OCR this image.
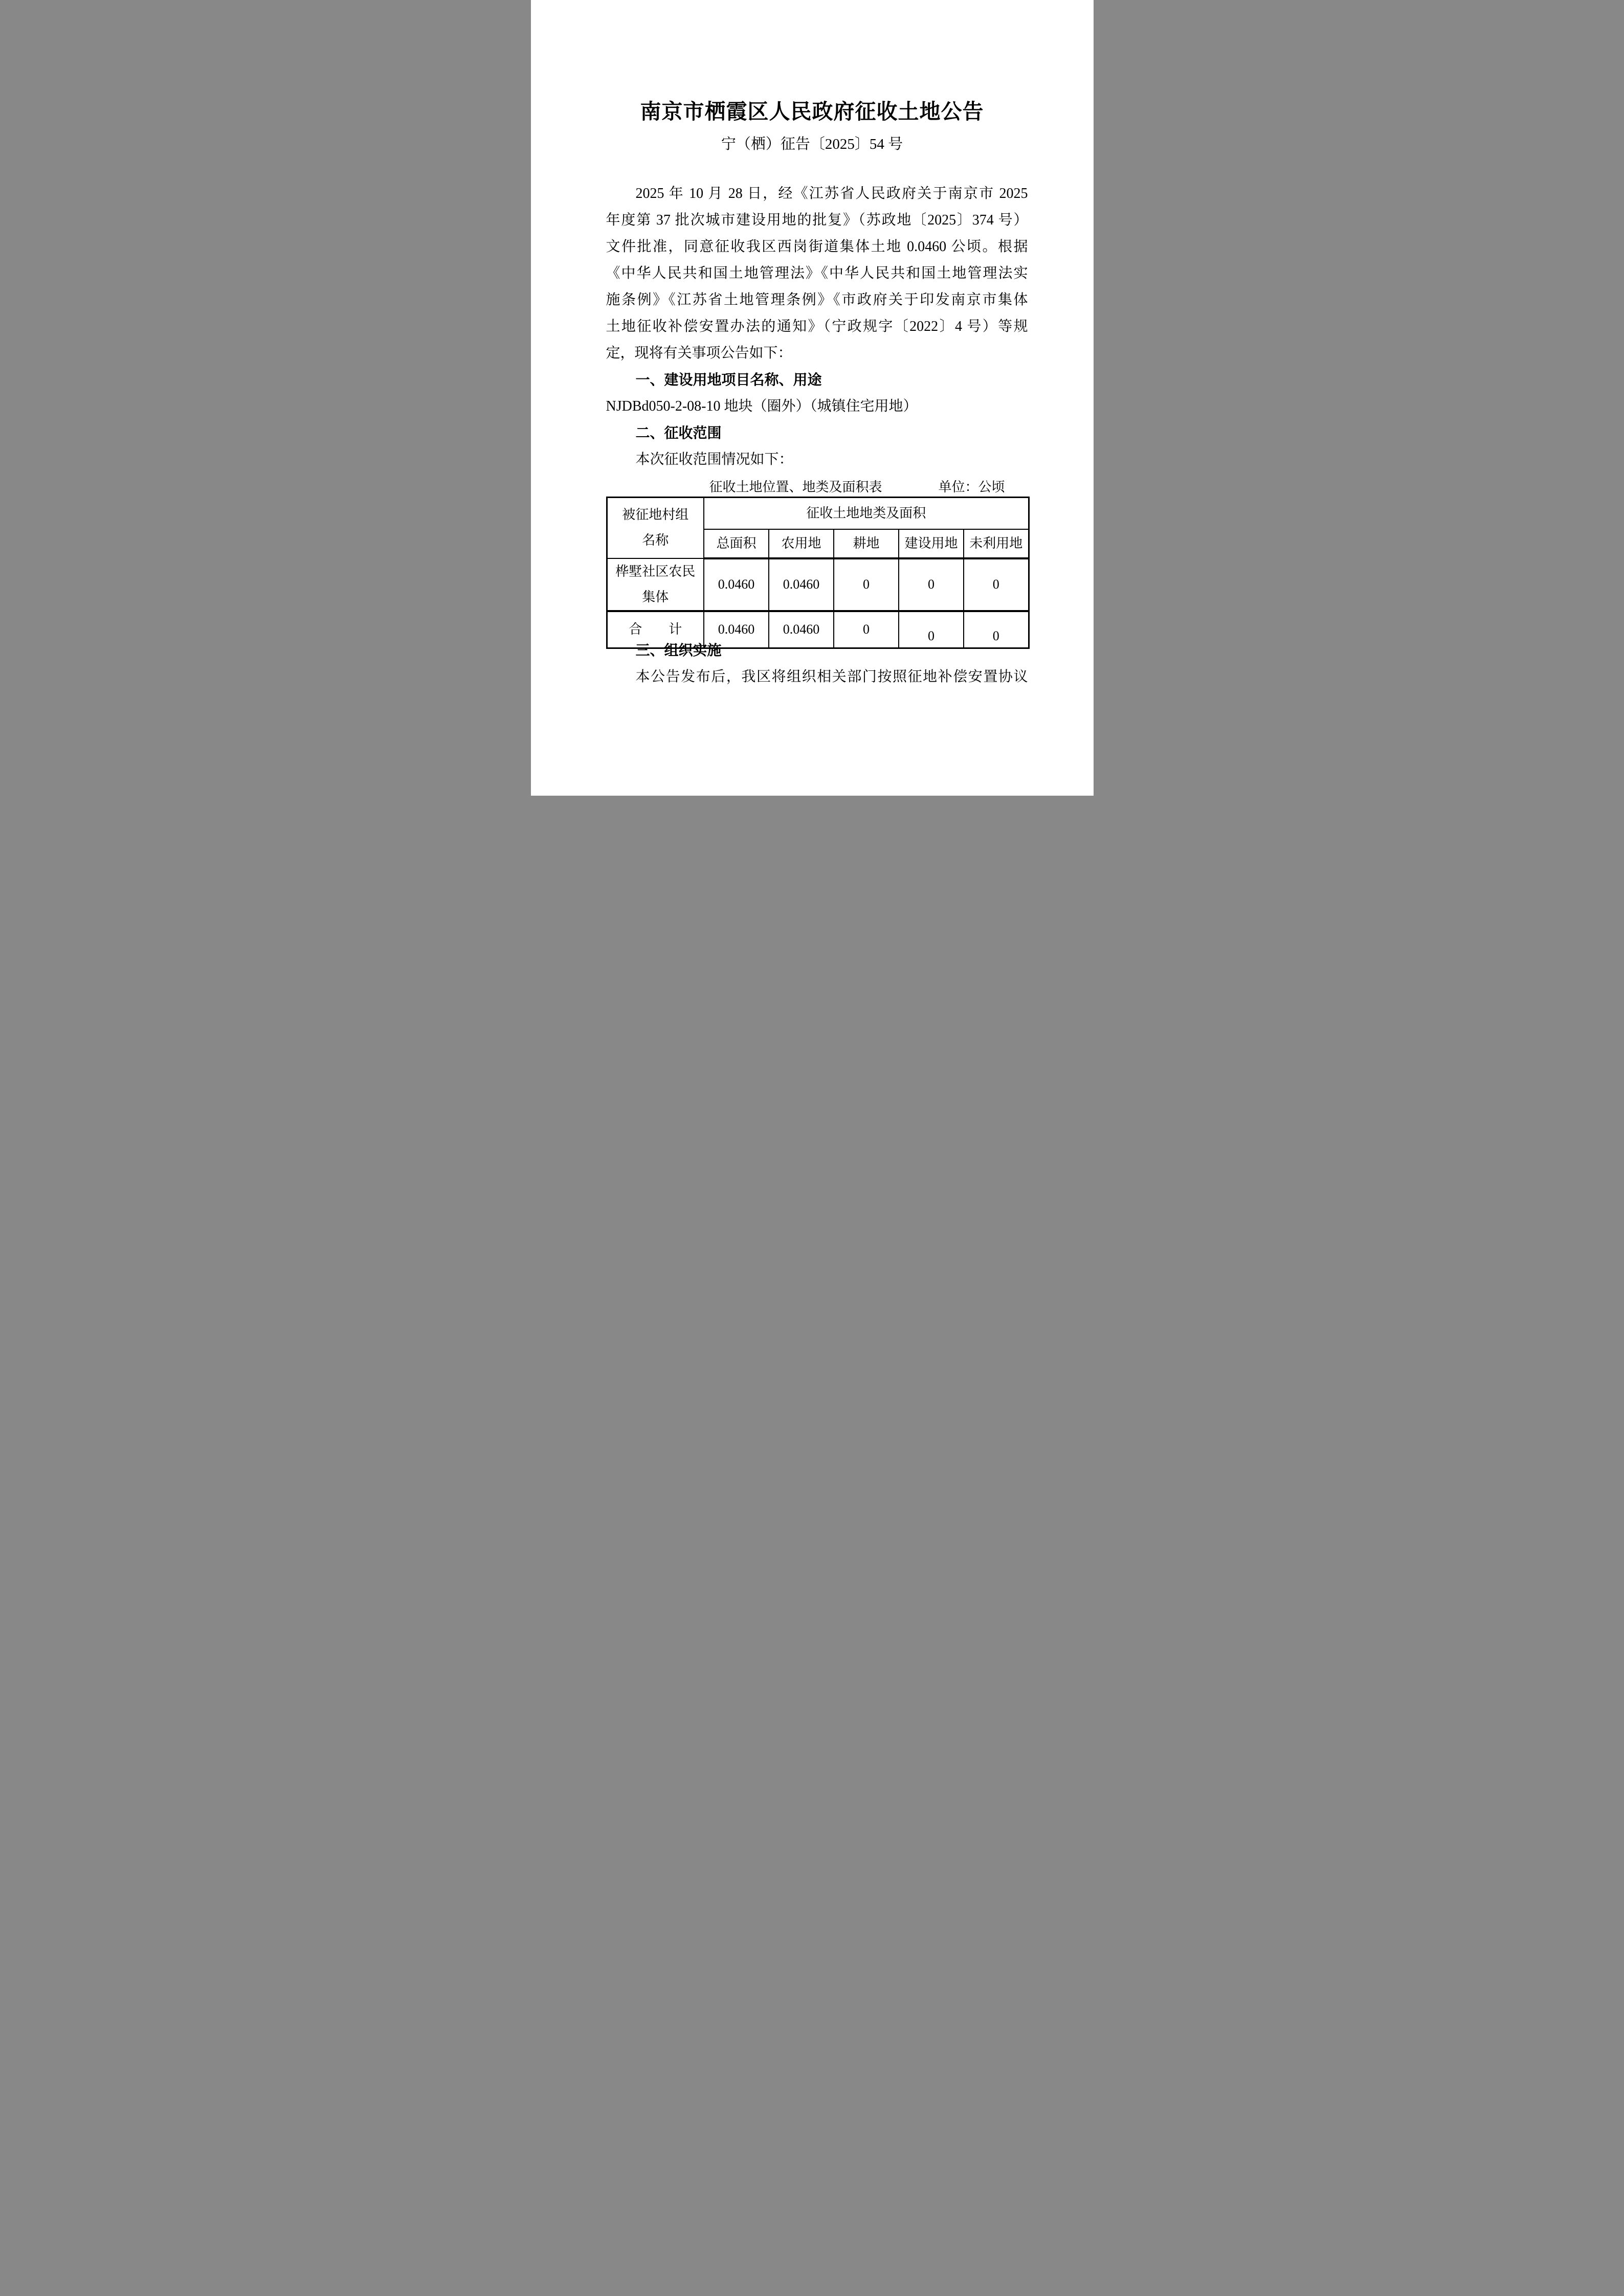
南京市栖霞区人民政府征收土地公告
宁（栖）征告〔2025〕54 号
2025 年 10 月 28 日，经《江苏省人民政府关于南京市 2025
年度第 37 批次城市建设用地的批复》（苏政地〔2025〕374 号）
文件批准，同意征收我区西岗街道集体土地 0.0460 公顷。根据
《中华人民共和国土地管理法》《中华人民共和国土地管理法实
施条例》《江苏省土地管理条例》《市政府关于印发南京市集体
土地征收补偿安置办法的通知》（宁政规字〔2022〕4 号）等规
定，现将有关事项公告如下：
一、建设用地项目名称、用途
NJDBd050-2-08-10 地块（圈外）（城镇住宅用地）
二、征收范围
本次征收范围情况如下：
征收土地位置、地类及面积表	单位：公顷
被征地村组名称	征收土地地类及面积				
	总面积	农用地	耕地	建设用地	未利用地
桦墅社区农民集体	0.0460	0.0460	0	0	0
合　　计	0.0460	0.0460	0	0	0
三、组织实施
本公告发布后，我区将组织相关部门按照征地补偿安置协议
